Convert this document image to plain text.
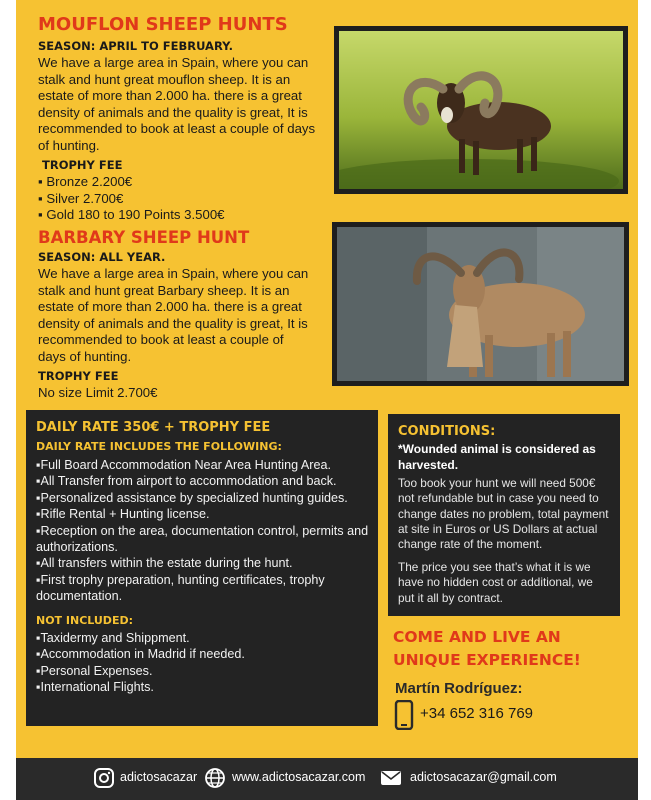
MOUFLON SHEEP HUNTS
SEASON: APRIL TO FEBRUARY.
We have a large area in Spain, where you can stalk and hunt great mouflon sheep. It is an estate of more than 2.000 ha. there is a great density of animals and the quality is great, It is recommended to book at least a couple of days of hunting.
TROPHY FEE
▪ Bronze 2.200€
▪ Silver 2.700€
▪ Gold 180 to 190 Points 3.500€
BARBARY SHEEP HUNT
SEASON: ALL YEAR.
We have a large area in Spain, where you can stalk and hunt great Barbary sheep. It is an estate of more than 2.000 ha. there is a great density of animals and the quality is great, It is recommended to book at least a couple of days of hunting.
TROPHY FEE
No size Limit 2.700€
DAILY RATE 350€ + TROPHY FEE
DAILY RATE INCLUDES THE FOLLOWING:
▪ Full Board Accommodation Near Area Hunting Area.
▪ All Transfer from airport to accommodation and back.
▪ Personalized assistance by specialized hunting guides.
▪ Rifle Rental + Hunting license.
▪ Reception on the area, documentation control, permits and authorizations.
▪ All transfers within the estate during the hunt.
▪ First trophy preparation, hunting certificates, trophy documentation.
NOT INCLUDED:
▪ Taxidermy and Shippment.
▪ Accommodation in Madrid if needed.
▪ Personal Expenses.
▪ International Flights.
CONDITIONS:
*Wounded animal is considered as harvested.
Too book your hunt we will need 500€ not refundable but in case you need to change dates no problem, total payment at site in Euros or US Dollars at actual change rate of the moment.
The price you see that’s what it is we have no hidden cost or additional, we put it all by contract.
COME AND LIVE AN
UNIQUE EXPERIENCE!
Martín Rodríguez:
+34 652 316 769
adictosacazar	www.adictosacazar.com	adictosacazar@gmail.com
